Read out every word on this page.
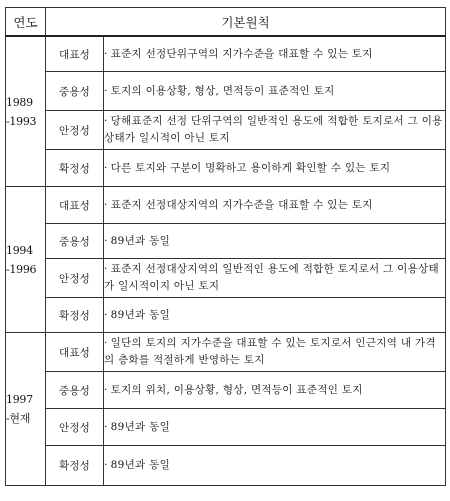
연도	기본원칙	

1989
-1993	대표성	· 표준지 선정단위구역의 지가수준을 대표할 수 있는 토지
	중용성	· 토지의 이용상황, 형상, 면적등이 표준적인 토지
	안정성	· 당해표준지 선정 단위구역의 일반적인 용도에 적합한 토지로서 그 이용상태가 일시적이 아닌 토지
	확정성	· 다른 토지와 구분이 명확하고 용이하게 확인할 수 있는 토지

1994
-1996	대표성	· 표준지 선정대상지역의 지가수준을 대표할 수 있는 토지
	중용성	· 89년과 동일
	안정성	· 표준지 선정대상지역의 일반적인 용도에 적합한 토지로서 그 이용상태가 일시적이지 아닌 토지
	확정성	· 89년과 동일

1997
-현재	대표성	· 일단의 토지의 지가수준을 대표할 수 있는 토지로서 인근지역 내 가격의 층화를 적절하게 반영하는 토지
	중용성	· 토지의 위치, 이용상황, 형상, 면적등이 표준적인 토지
	안정성	· 89년과 동일
	확정성	· 89년과 동일
